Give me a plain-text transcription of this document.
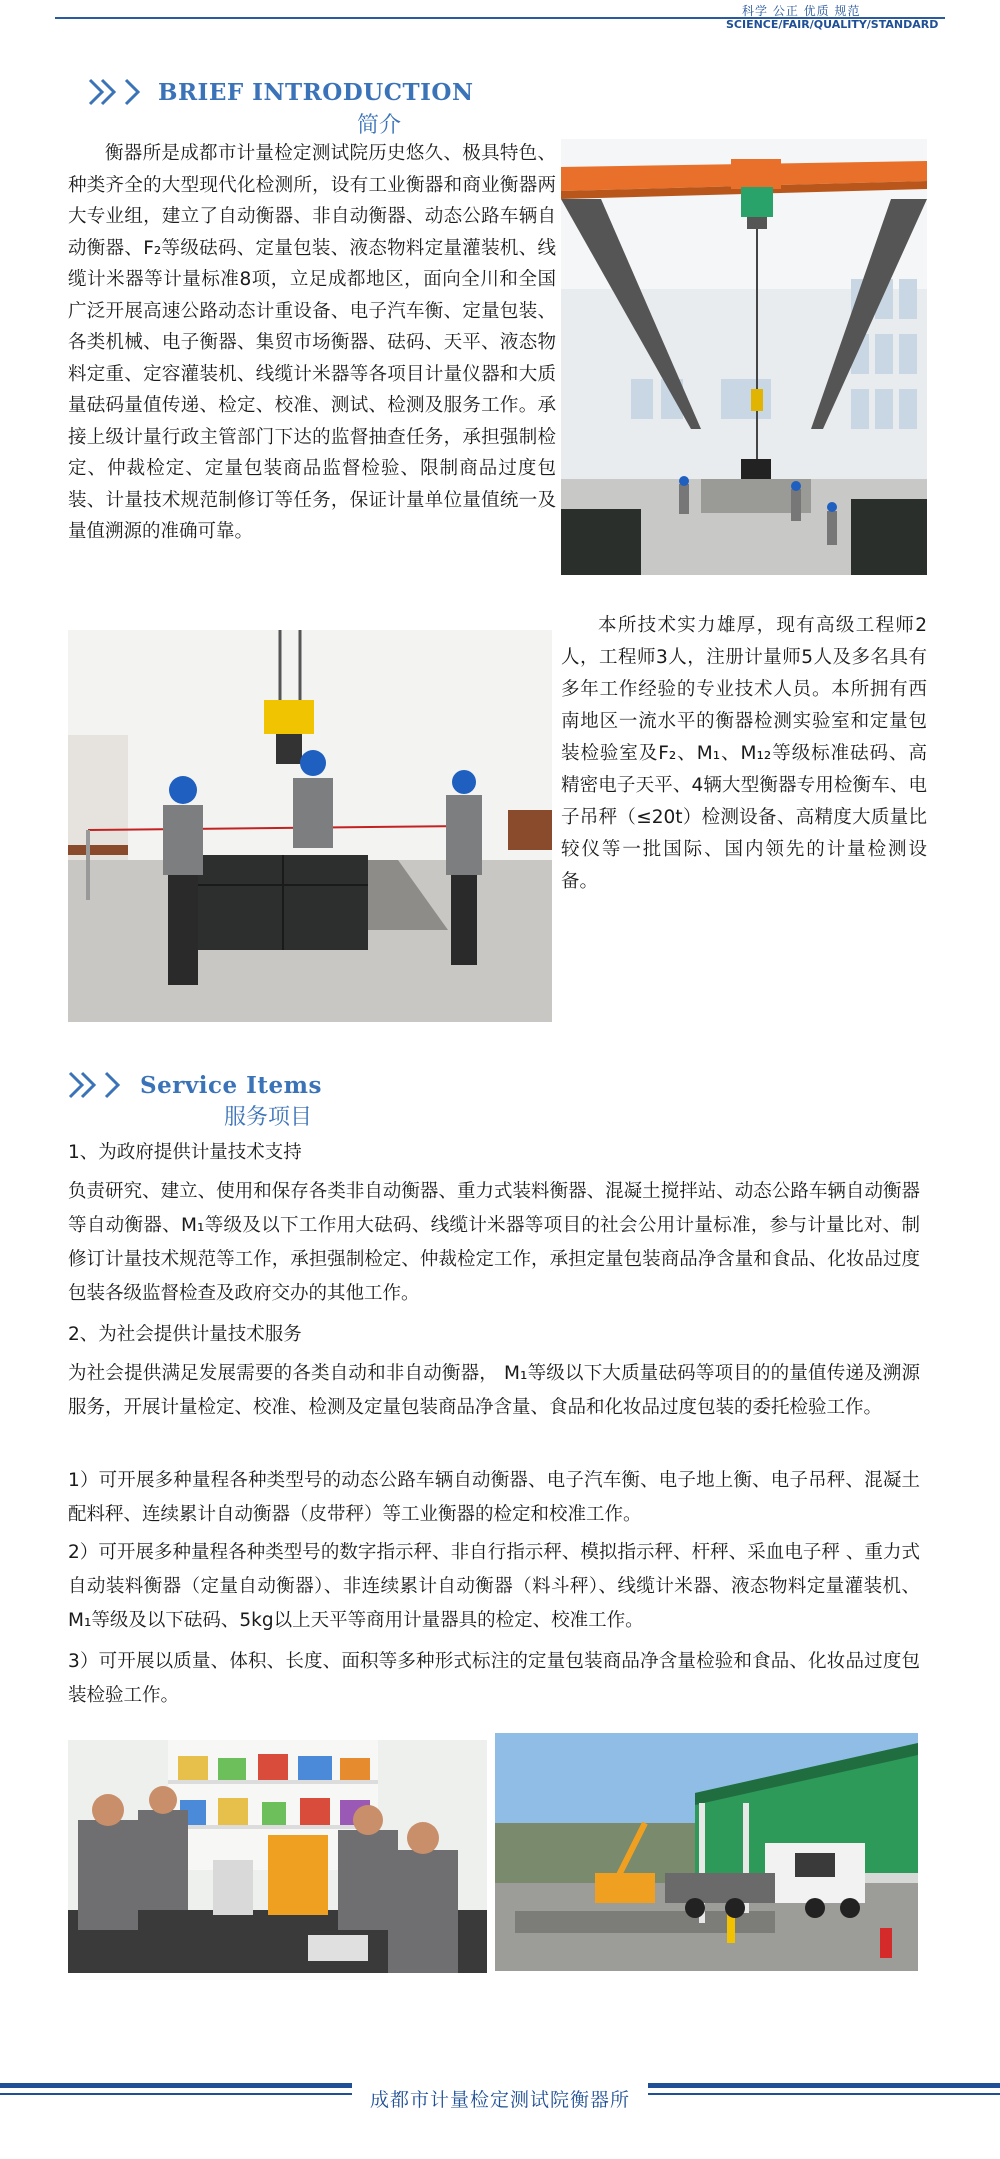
科学 公正 优质 规范
SCIENCE/FAIR/QUALITY/STANDARD
BRIEF INTRODUCTION
简介

衡器所是成都市计量检定测试院历史悠久、极具特色、种类齐全的大型现代化检测所，设有工业衡器和商业衡器两大专业组，建立了自动衡器、非自动衡器、动态公路车辆自动衡器、F₂等级砝码、定量包装、液态物料定量灌装机、线缆计米器等计量标准8项，立足成都地区，面向全川和全国广泛开展高速公路动态计重设备、电子汽车衡、定量包装、各类机械、电子衡器、集贸市场衡器、砝码、天平、液态物料定重、定容灌装机、线缆计米器等各项目计量仪器和大质量砝码量值传递、检定、校准、测试、检测及服务工作。承接上级计量行政主管部门下达的监督抽查任务，承担强制检定、仲裁检定、定量包装商品监督检验、限制商品过度包装、计量技术规范制修订等任务，保证计量单位量值统一及量值溯源的准确可靠。

本所技术实力雄厚，现有高级工程师2人，工程师3人，注册计量师5人及多名具有多年工作经验的专业技术人员。本所拥有西南地区一流水平的衡器检测实验室和定量包装检验室及F₂、M₁、M₁₂等级标准砝码、高精密电子天平、4辆大型衡器专用检衡车、电子吊秤（≤20t）检测设备、高精度大质量比较仪等一批国际、国内领先的计量检测设备。

Service Items
服务项目

1、为政府提供计量技术支持

负责研究、建立、使用和保存各类非自动衡器、重力式装料衡器、混凝土搅拌站、动态公路车辆自动衡器等自动衡器、M₁等级及以下工作用大砝码、线缆计米器等项目的社会公用计量标准，参与计量比对、制修订计量技术规范等工作，承担强制检定、仲裁检定工作，承担定量包装商品净含量和食品、化妆品过度包装各级监督检查及政府交办的其他工作。

2、为社会提供计量技术服务

为社会提供满足发展需要的各类自动和非自动衡器， M₁等级以下大质量砝码等项目的的量值传递及溯源服务，开展计量检定、校准、检测及定量包装商品净含量、食品和化妆品过度包装的委托检验工作。

1）可开展多种量程各种类型号的动态公路车辆自动衡器、电子汽车衡、电子地上衡、电子吊秤、混凝土配料秤、连续累计自动衡器（皮带秤）等工业衡器的检定和校准工作。

2）可开展多种量程各种类型号的数字指示秤、非自行指示秤、模拟指示秤、杆秤、采血电子秤 、重力式自动装料衡器（定量自动衡器）、非连续累计自动衡器（料斗秤）、线缆计米器、液态物料定量灌装机、M₁等级及以下砝码、5kg以上天平等商用计量器具的检定、校准工作。

3）可开展以质量、体积、长度、面积等多种形式标注的定量包装商品净含量检验和食品、化妆品过度包装检验工作。

成都市计量检定测试院衡器所
